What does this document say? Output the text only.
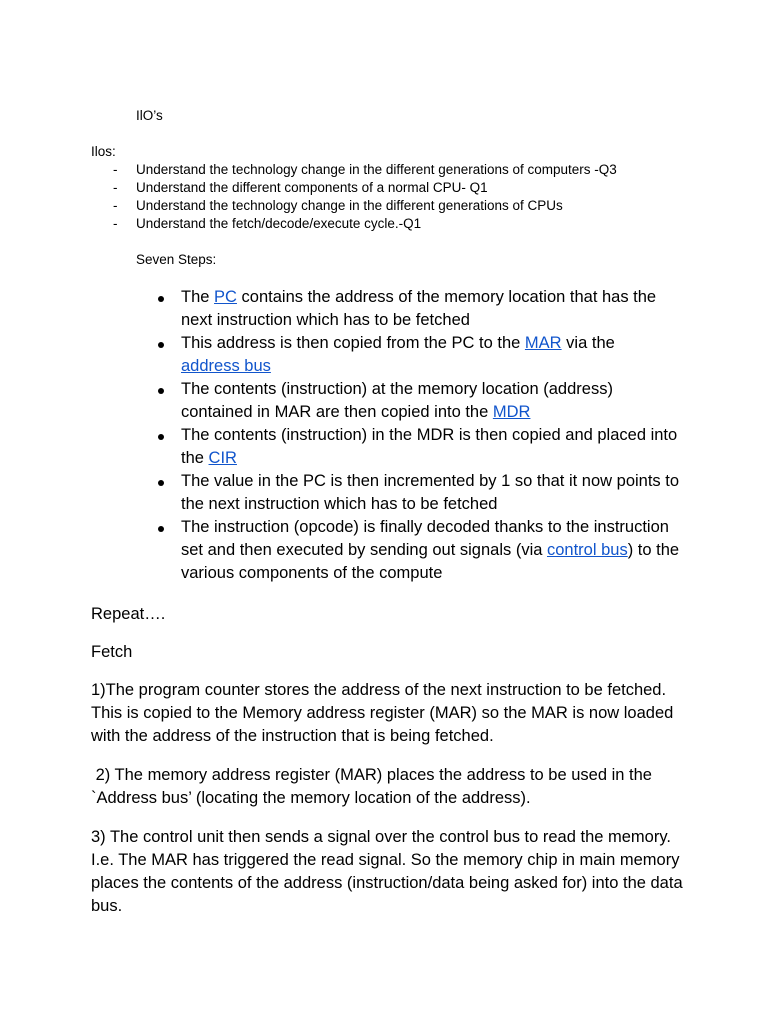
IlO’s
Ilos:
- Understand the technology change in the different generations of computers -Q3
- Understand the different components of a normal CPU- Q1
- Understand the technology change in the different generations of CPUs
- Understand the fetch/decode/execute cycle.-Q1
Seven Steps:
The PC contains the address of the memory location that has the next instruction which has to be fetched
This address is then copied from the PC to the MAR via the
address bus
The contents (instruction) at the memory location (address) contained in MAR are then copied into the MDR
The contents (instruction) in the MDR is then copied and placed into the CIR
The value in the PC is then incremented by 1 so that it now points to the next instruction which has to be fetched
The instruction (opcode) is finally decoded thanks to the instruction set and then executed by sending out signals (via control bus) to the various components of the compute
Repeat….
Fetch
1)The program counter stores the address of the next instruction to be fetched. This is copied to the Memory address register (MAR) so the MAR is now loaded with the address of the instruction that is being fetched.
2) The memory address register (MAR) places the address to be used in the `Address bus’ (locating the memory location of the address).
3) The control unit then sends a signal over the control bus to read the memory. I.e. The MAR has triggered the read signal. So the memory chip in main memory places the contents of the address (instruction/data being asked for) into the data bus.
